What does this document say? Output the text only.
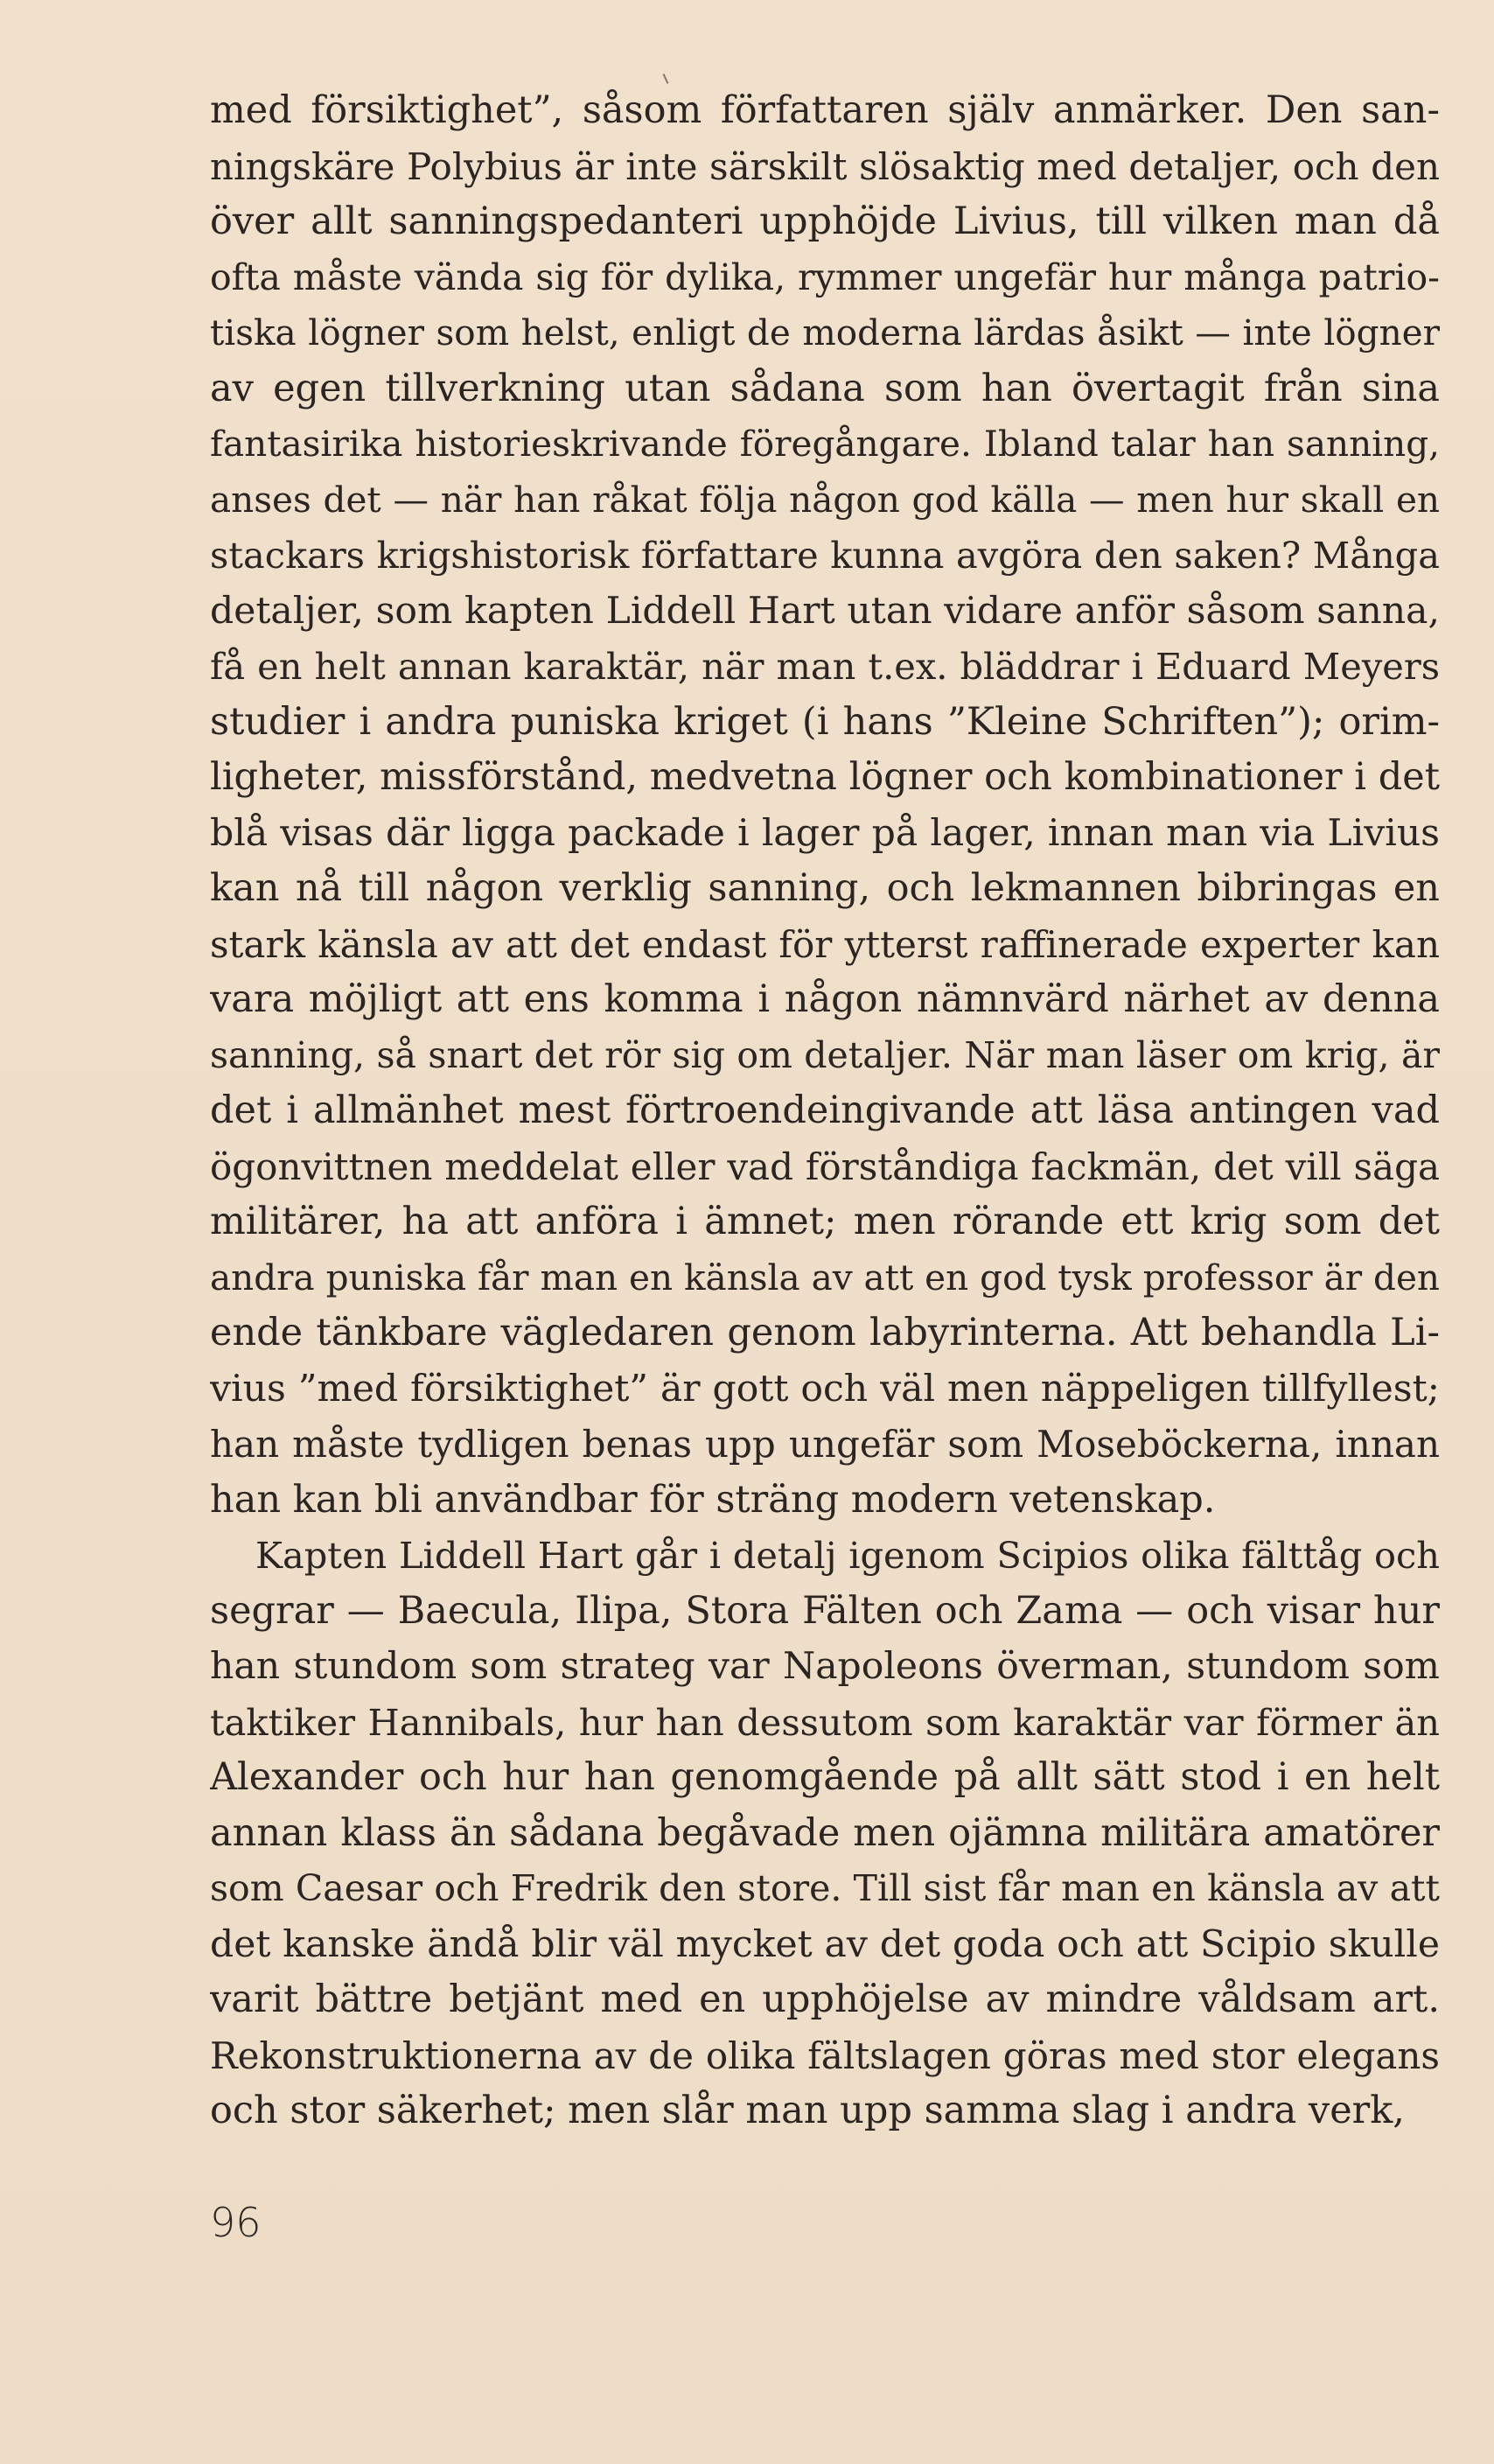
med försiktighet”, såsom författaren själv anmärker. Den san-
ningskäre Polybius är inte särskilt slösaktig med detaljer, och den
över allt sanningspedanteri upphöjde Livius, till vilken man då
ofta måste vända sig för dylika, rymmer ungefär hur många patrio-
tiska lögner som helst, enligt de moderna lärdas åsikt — inte lögner
av egen tillverkning utan sådana som han övertagit från sina
fantasirika historieskrivande föregångare. Ibland talar han sanning,
anses det — när han råkat följa någon god källa — men hur skall en
stackars krigshistorisk författare kunna avgöra den saken? Många
detaljer, som kapten Liddell Hart utan vidare anför såsom sanna,
få en helt annan karaktär, när man t.ex. bläddrar i Eduard Meyers
studier i andra puniska kriget (i hans ”Kleine Schriften”); orim-
ligheter, missförstånd, medvetna lögner och kombinationer i det
blå visas där ligga packade i lager på lager, innan man via Livius
kan nå till någon verklig sanning, och lekmannen bibringas en
stark känsla av att det endast för ytterst raffinerade experter kan
vara möjligt att ens komma i någon nämnvärd närhet av denna
sanning, så snart det rör sig om detaljer. När man läser om krig, är
det i allmänhet mest förtroendeingivande att läsa antingen vad
ögonvittnen meddelat eller vad förståndiga fackmän, det vill säga
militärer, ha att anföra i ämnet; men rörande ett krig som det
andra puniska får man en känsla av att en god tysk professor är den
ende tänkbare vägledaren genom labyrinterna. Att behandla Li-
vius ”med försiktighet” är gott och väl men näppeligen tillfyllest;
han måste tydligen benas upp ungefär som Moseböckerna, innan
han kan bli användbar för sträng modern vetenskap.
Kapten Liddell Hart går i detalj igenom Scipios olika fälttåg och
segrar — Baecula, Ilipa, Stora Fälten och Zama — och visar hur
han stundom som strateg var Napoleons överman, stundom som
taktiker Hannibals, hur han dessutom som karaktär var förmer än
Alexander och hur han genomgående på allt sätt stod i en helt
annan klass än sådana begåvade men ojämna militära amatörer
som Caesar och Fredrik den store. Till sist får man en känsla av att
det kanske ändå blir väl mycket av det goda och att Scipio skulle
varit bättre betjänt med en upphöjelse av mindre våldsam art.
Rekonstruktionerna av de olika fältslagen göras med stor elegans
och stor säkerhet; men slår man upp samma slag i andra verk,
96
